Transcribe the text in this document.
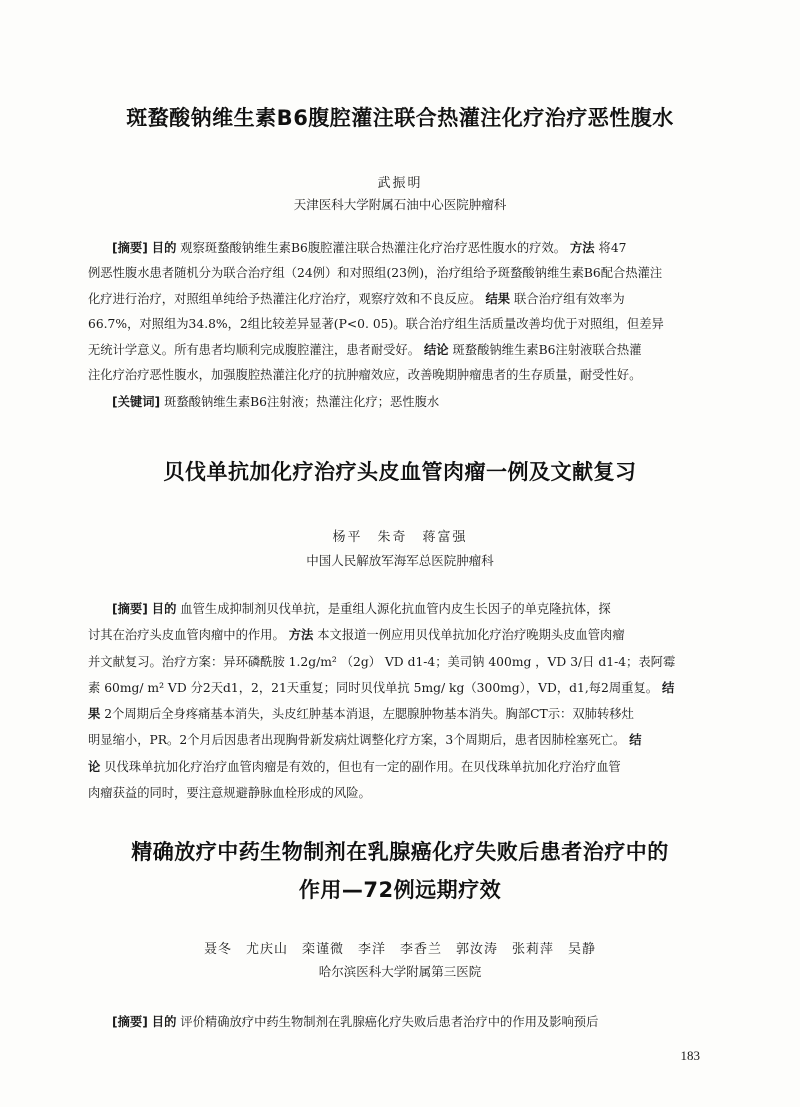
斑蝥酸钠维生素B6腹腔灌注联合热灌注化疗治疗恶性腹水
武振明
天津医科大学附属石油中心医院肿瘤科
[摘要] 目的 观察斑蝥酸钠维生素B6腹腔灌注联合热灌注化疗治疗恶性腹水的疗效。 方法 将47
例恶性腹水患者随机分为联合治疗组（24例）和对照组(23例)，治疗组给予斑蝥酸钠维生素B6配合热灌注
化疗进行治疗，对照组单纯给予热灌注化疗治疗，观察疗效和不良反应。 结果 联合治疗组有效率为
66.7%，对照组为34.8%，2组比较差异显著(P<0. 05)。联合治疗组生活质量改善均优于对照组，但差异
无统计学意义。所有患者均顺利完成腹腔灌注，患者耐受好。 结论 斑蝥酸钠维生素B6注射液联合热灌
注化疗治疗恶性腹水，加强腹腔热灌注化疗的抗肿瘤效应，改善晚期肿瘤患者的生存质量，耐受性好。
[关键词] 斑蝥酸钠维生素B6注射液；热灌注化疗；恶性腹水
贝伐单抗加化疗治疗头皮血管肉瘤一例及文献复习
杨平　朱奇　蒋富强
中国人民解放军海军总医院肿瘤科
[摘要] 目的 血管生成抑制剂贝伐单抗，是重组人源化抗血管内皮生长因子的单克隆抗体，探
讨其在治疗头皮血管肉瘤中的作用。 方法 本文报道一例应用贝伐单抗加化疗治疗晚期头皮血管肉瘤
并文献复习。治疗方案：异环磷酰胺 1.2g/m² （2g） VD d1-4；美司钠 400mg ，VD 3/日 d1-4；表阿霉
素 60mg/ m² VD 分2天d1，2，21天重复；同时贝伐单抗 5mg/ kg（300mg），VD，d1,每2周重复。 结
果 2个周期后全身疼痛基本消失，头皮红肿基本消退，左腮腺肿物基本消失。胸部CT示：双肺转移灶
明显缩小，PR。2个月后因患者出现胸骨新发病灶调整化疗方案，3个周期后，患者因肺栓塞死亡。 结
论 贝伐珠单抗加化疗治疗血管肉瘤是有效的，但也有一定的副作用。在贝伐珠单抗加化疗治疗血管
肉瘤获益的同时，要注意规避静脉血栓形成的风险。
精确放疗中药生物制剂在乳腺癌化疗失败后患者治疗中的
作用—72例远期疗效
聂冬　尤庆山　栾谨微　李洋　李香兰　郭汝涛　张莉萍　吴静
哈尔滨医科大学附属第三医院
[摘要] 目的 评价精确放疗中药生物制剂在乳腺癌化疗失败后患者治疗中的作用及影响预后
183
